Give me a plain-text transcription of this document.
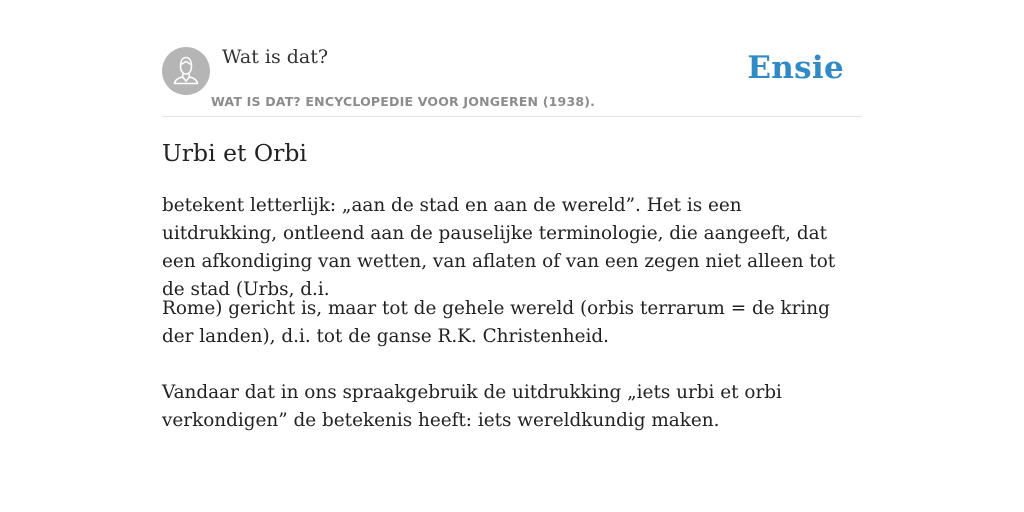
Wat is dat?
WAT IS DAT? ENCYCLOPEDIE VOOR JONGEREN (1938).
Ensie
Urbi et Orbi

betekent letterlijk: „aan de stad en aan de wereld”. Het is een uitdrukking, ontleend aan de pauselijke terminologie, die aangeeft, dat een afkondiging van wetten, van aflaten of van een zegen niet alleen tot de stad (Urbs, d.i.

Rome) gericht is, maar tot de gehele wereld (orbis terrarum = de kring der landen), d.i. tot de ganse R.K. Christenheid.

Vandaar dat in ons spraakgebruik de uitdrukking „iets urbi et orbi verkondigen” de betekenis heeft: iets wereldkundig maken.
